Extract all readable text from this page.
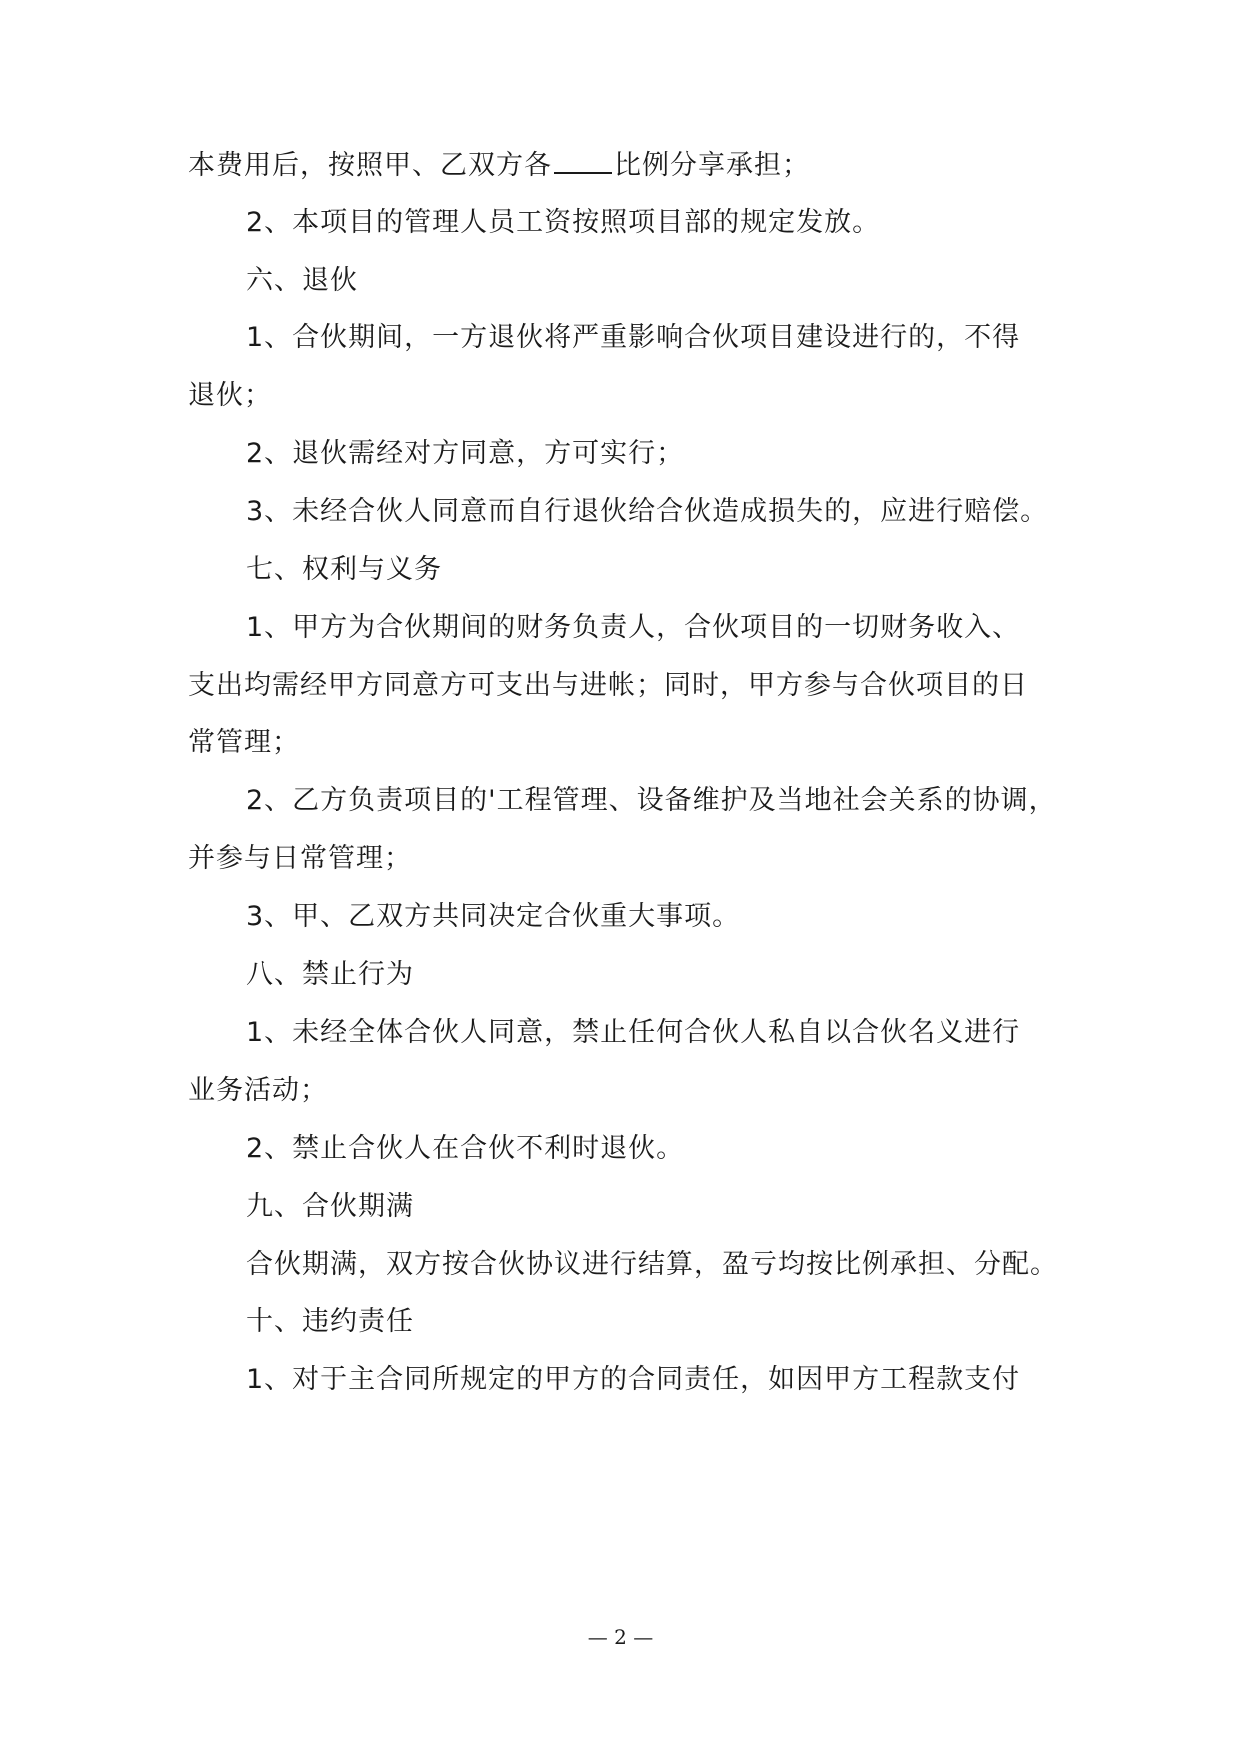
本费用后，按照甲、乙双方各 比例分享承担；
2、本项目的管理人员工资按照项目部的规定发放。
六、退伙
1、合伙期间，一方退伙将严重影响合伙项目建设进行的，不得
退伙；
2、退伙需经对方同意，方可实行；
3、未经合伙人同意而自行退伙给合伙造成损失的，应进行赔偿。
七、权利与义务
1、甲方为合伙期间的财务负责人，合伙项目的一切财务收入、
支出均需经甲方同意方可支出与进帐；同时，甲方参与合伙项目的日
常管理；
2、乙方负责项目的'工程管理、设备维护及当地社会关系的协调，
并参与日常管理；
3、甲、乙双方共同决定合伙重大事项。
八、禁止行为
1、未经全体合伙人同意，禁止任何合伙人私自以合伙名义进行
业务活动；
2、禁止合伙人在合伙不利时退伙。
九、合伙期满
合伙期满，双方按合伙协议进行结算，盈亏均按比例承担、分配。
十、违约责任
1、对于主合同所规定的甲方的合同责任，如因甲方工程款支付
— 2 —
